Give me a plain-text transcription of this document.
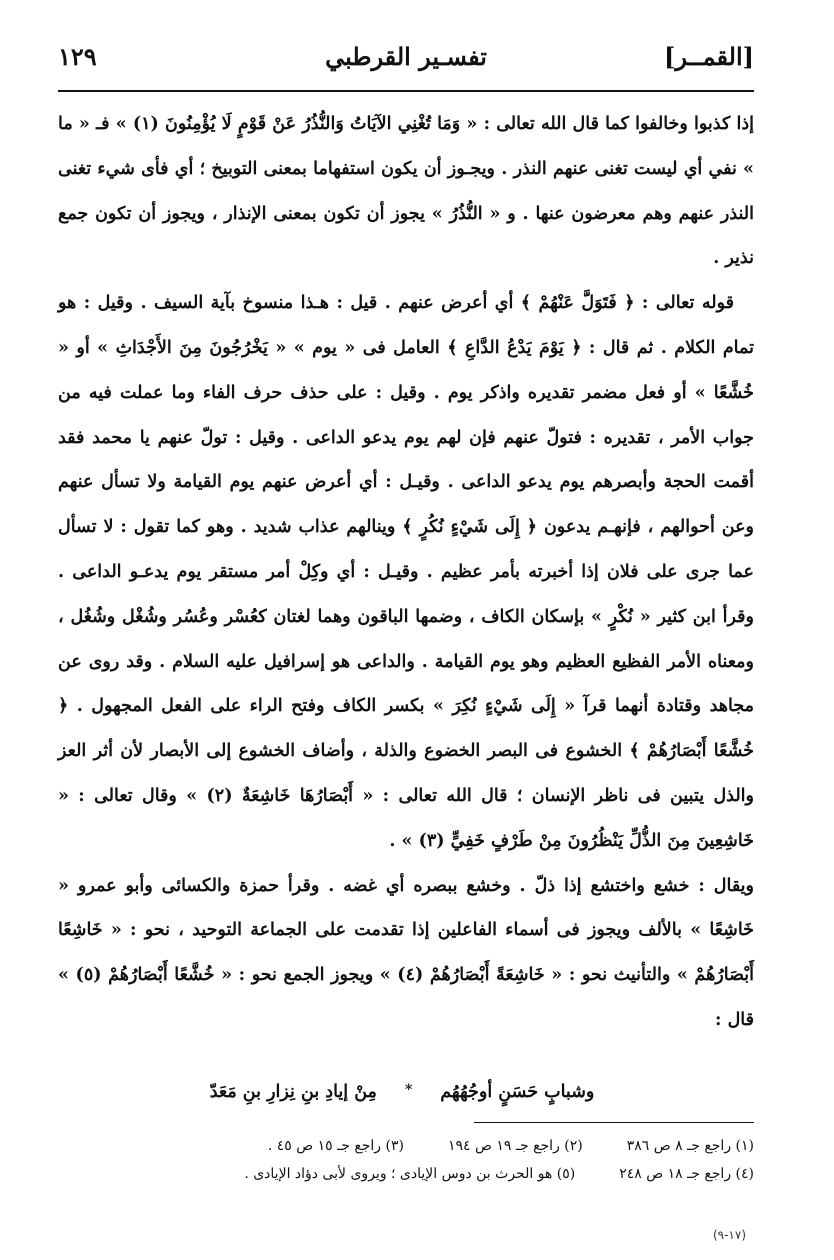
[القمــر]
تفسـير القرطبي
١٢٩

إذا كذبوا وخالفوا كما قال الله تعالى : « وَمَا تُغْنِي الآيَاتُ وَالنُّذُرُ عَنْ قَوْمٍ لَا يُؤْمِنُونَ (١) » فـ « ما » نفي أي ليست تغنى عنهم النذر . ويجـوز أن يكون استفهاما بمعنى التوبيخ ؛ أي فأى شيء تغنى النذر عنهم وهم معرضون عنها . و « النُّذُرُ » يجوز أن تكون بمعنى الإنذار ، ويجوز أن تكون جمع نذير .

قوله تعالى : ﴿ فَتَوَلَّ عَنْهُمْ ﴾ أي أعرض عنهم . قيل : هـذا منسوخ بآية السيف . وقيل : هو تمام الكلام . ثم قال : ﴿ يَوْمَ يَدْعُ الدَّاعِ ﴾ العامل فى « يوم » « يَخْرُجُونَ مِنَ الأَجْدَاثِ » أو « خُشَّعًا » أو فعل مضمر تقديره واذكر يوم . وقيل : على حذف حرف الفاء وما عملت فيه من جواب الأمر ، تقديره : فتولّ عنهم فإن لهم يوم يدعو الداعى . وقيل : تولّ عنهم يا محمد فقد أقمت الحجة وأبصرهم يوم يدعو الداعى . وقيـل : أي أعرض عنهم يوم القيامة ولا تسأل عنهم وعن أحوالهم ، فإنهـم يدعون ﴿ إِلَى شَيْءٍ نُكُرٍ ﴾ وينالهم عذاب شديد . وهو كما تقول : لا تسأل عما جرى على فلان إذا أخبرته بأمر عظيم . وقيـل : أي وكِلْ أمر مستقر يوم يدعـو الداعى . وقرأ ابن كثير « نُكْرٍ » بإسكان الكاف ، وضمها الباقون وهما لغتان كعُسْر وعُسُر وشُغْل وشُغُل ، ومعناه الأمر الفظيع العظيم وهو يوم القيامة . والداعى هو إسرافيل عليه السلام . وقد روى عن مجاهد وقتادة أنهما قرآ « إِلَى شَيْءٍ نُكِرَ » بكسر الكاف وفتح الراء على الفعل المجهول . ﴿ خُشَّعًا أَبْصَارُهُمْ ﴾ الخشوع فى البصر الخضوع والذلة ، وأضاف الخشوع إلى الأبصار لأن أثر العز والذل يتبين فى ناظر الإنسان ؛ قال الله تعالى : « أَبْصَارُهَا خَاشِعَةٌ (٢) » وقال تعالى : « خَاشِعِينَ مِنَ الذُّلِّ يَنْظُرُونَ مِنْ طَرْفٍ خَفِيٍّ (٣) » .

ويقال : خشع واختشع إذا ذلّ . وخشع ببصره أي غضه . وقرأ حمزة والكسائى وأبو عمرو « خَاشِعًا » بالألف ويجوز فى أسماء الفاعلين إذا تقدمت على الجماعة التوحيد ، نحو : « خَاشِعًا أَبْصَارُهُمْ » والتأنيث نحو : « خَاشِعَةً أَبْصَارُهُمْ (٤) » ويجوز الجمع نحو : « خُشَّعًا أَبْصَارُهُمْ (٥) » قال :

وشبابٍ حَسَنٍ أوجُهُهُم
*
مِنْ إيادِ بنِ نِزارِ بنِ مَعَدّ
(١) راجع جـ ٨ ص ٣٨٦
(٢) راجع جـ ١٩ ص ١٩٤
(٣) راجع جـ ١٥ ص ٤٥ .
(٤) راجع جـ ١٨ ص ٢٤٨
(٥) هو الحرث بن دوس الإيادى ؛ ويروى لأبى دؤاد الإيادى .
(١٧-٩)
